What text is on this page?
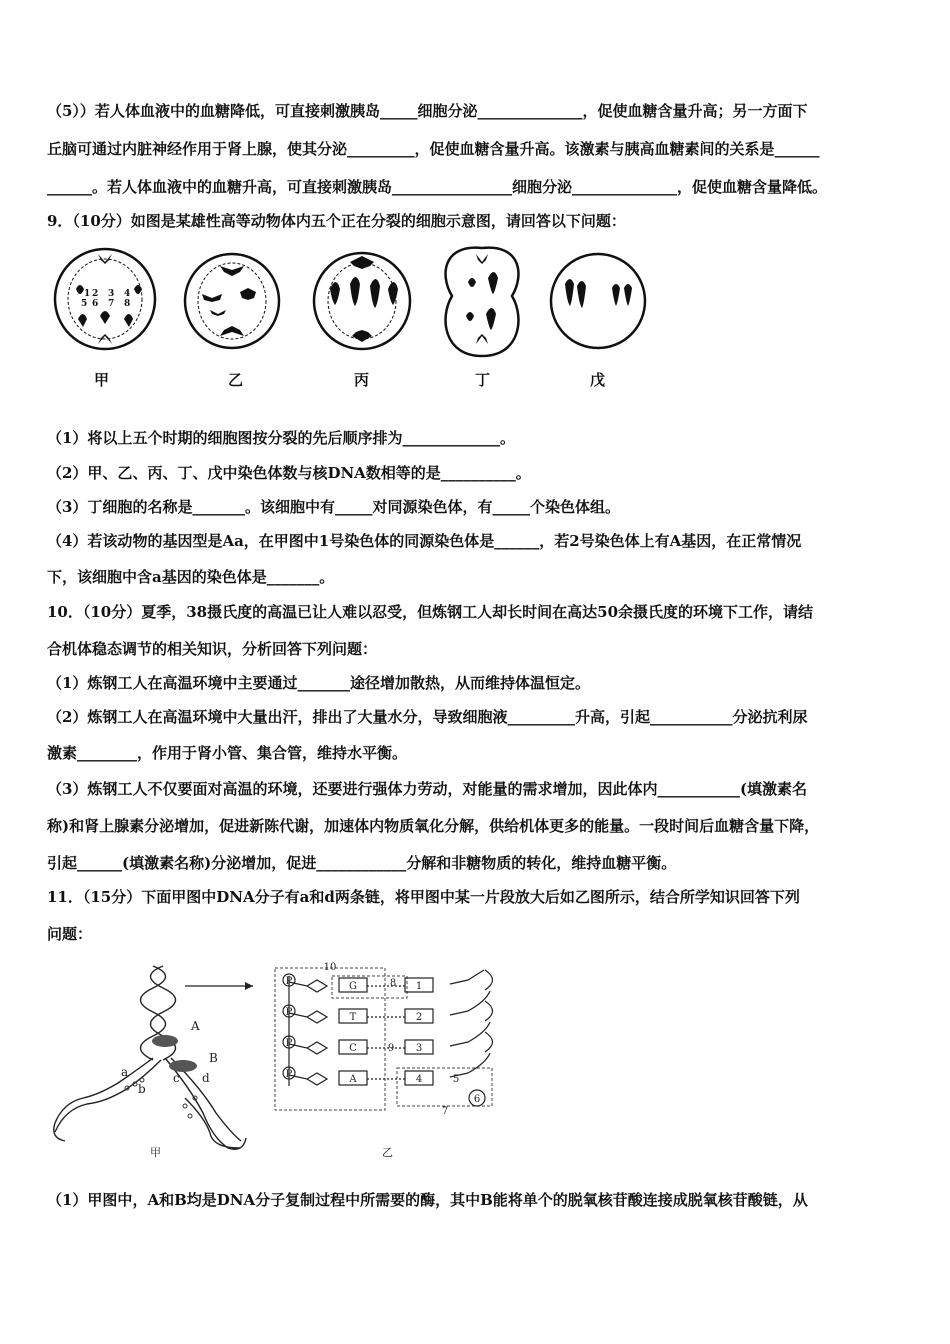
（5））若人体血液中的血糖降低，可直接刺激胰岛_____细胞分泌______________，促使血糖含量升高；另一方面下
丘脑可通过内脏神经作用于肾上腺，使其分泌_________，促使血糖含量升高。该激素与胰高血糖素间的关系是______
______。若人体血液中的血糖升高，可直接刺激胰岛________________细胞分泌______________，促使血糖含量降低。
9．（10分）如图是某雄性高等动物体内五个正在分裂的细胞示意图，请回答以下问题：
5
2
6
3
7
4
8
1
甲	乙	丙	丁	戊
（1）将以上五个时期的细胞图按分裂的先后顺序排为_____________。
（2）甲、乙、丙、丁、戊中染色体数与核DNA数相等的是__________。
（3）丁细胞的名称是_______。该细胞中有_____对同源染色体，有_____个染色体组。
（4）若该动物的基因型是Aa，在甲图中1号染色体的同源染色体是______，若2号染色体上有A基因，在正常情况
下，该细胞中含a基因的染色体是_______。
10．（10分）夏季，38摄氏度的高温已让人难以忍受，但炼钢工人却长时间在高达50余摄氏度的环境下工作，请结
合机体稳态调节的相关知识，分析回答下列问题：
（1）炼钢工人在高温环境中主要通过_______途径增加散热，从而维持体温恒定。
（2）炼钢工人在高温环境中大量出汗，排出了大量水分，导致细胞液_________升高，引起___________分泌抗利尿
激素________，作用于肾小管、集合管，维持水平衡。
（3）炼钢工人不仅要面对高温的环境，还要进行强体力劳动，对能量的需求增加，因此体内___________(填激素名
称)和肾上腺素分泌增加，促进新陈代谢，加速体内物质氧化分解，供给机体更多的能量。一段时间后血糖含量下降，
引起______(填激素名称)分泌增加，促进____________分解和非糖物质的转化，维持血糖平衡。
11．（15分）下面甲图中DNA分子有a和d两条链，将甲图中某一片段放大后如乙图所示，结合所学知识回答下列
问题：
A
B
a
b
c d
甲
P
P
P
P
G
T
C
A
1
2
3
4
10
8
9
5
6
7
乙
（1）甲图中，A和B均是DNA分子复制过程中所需要的酶，其中B能将单个的脱氧核苷酸连接成脱氧核苷酸链，从
